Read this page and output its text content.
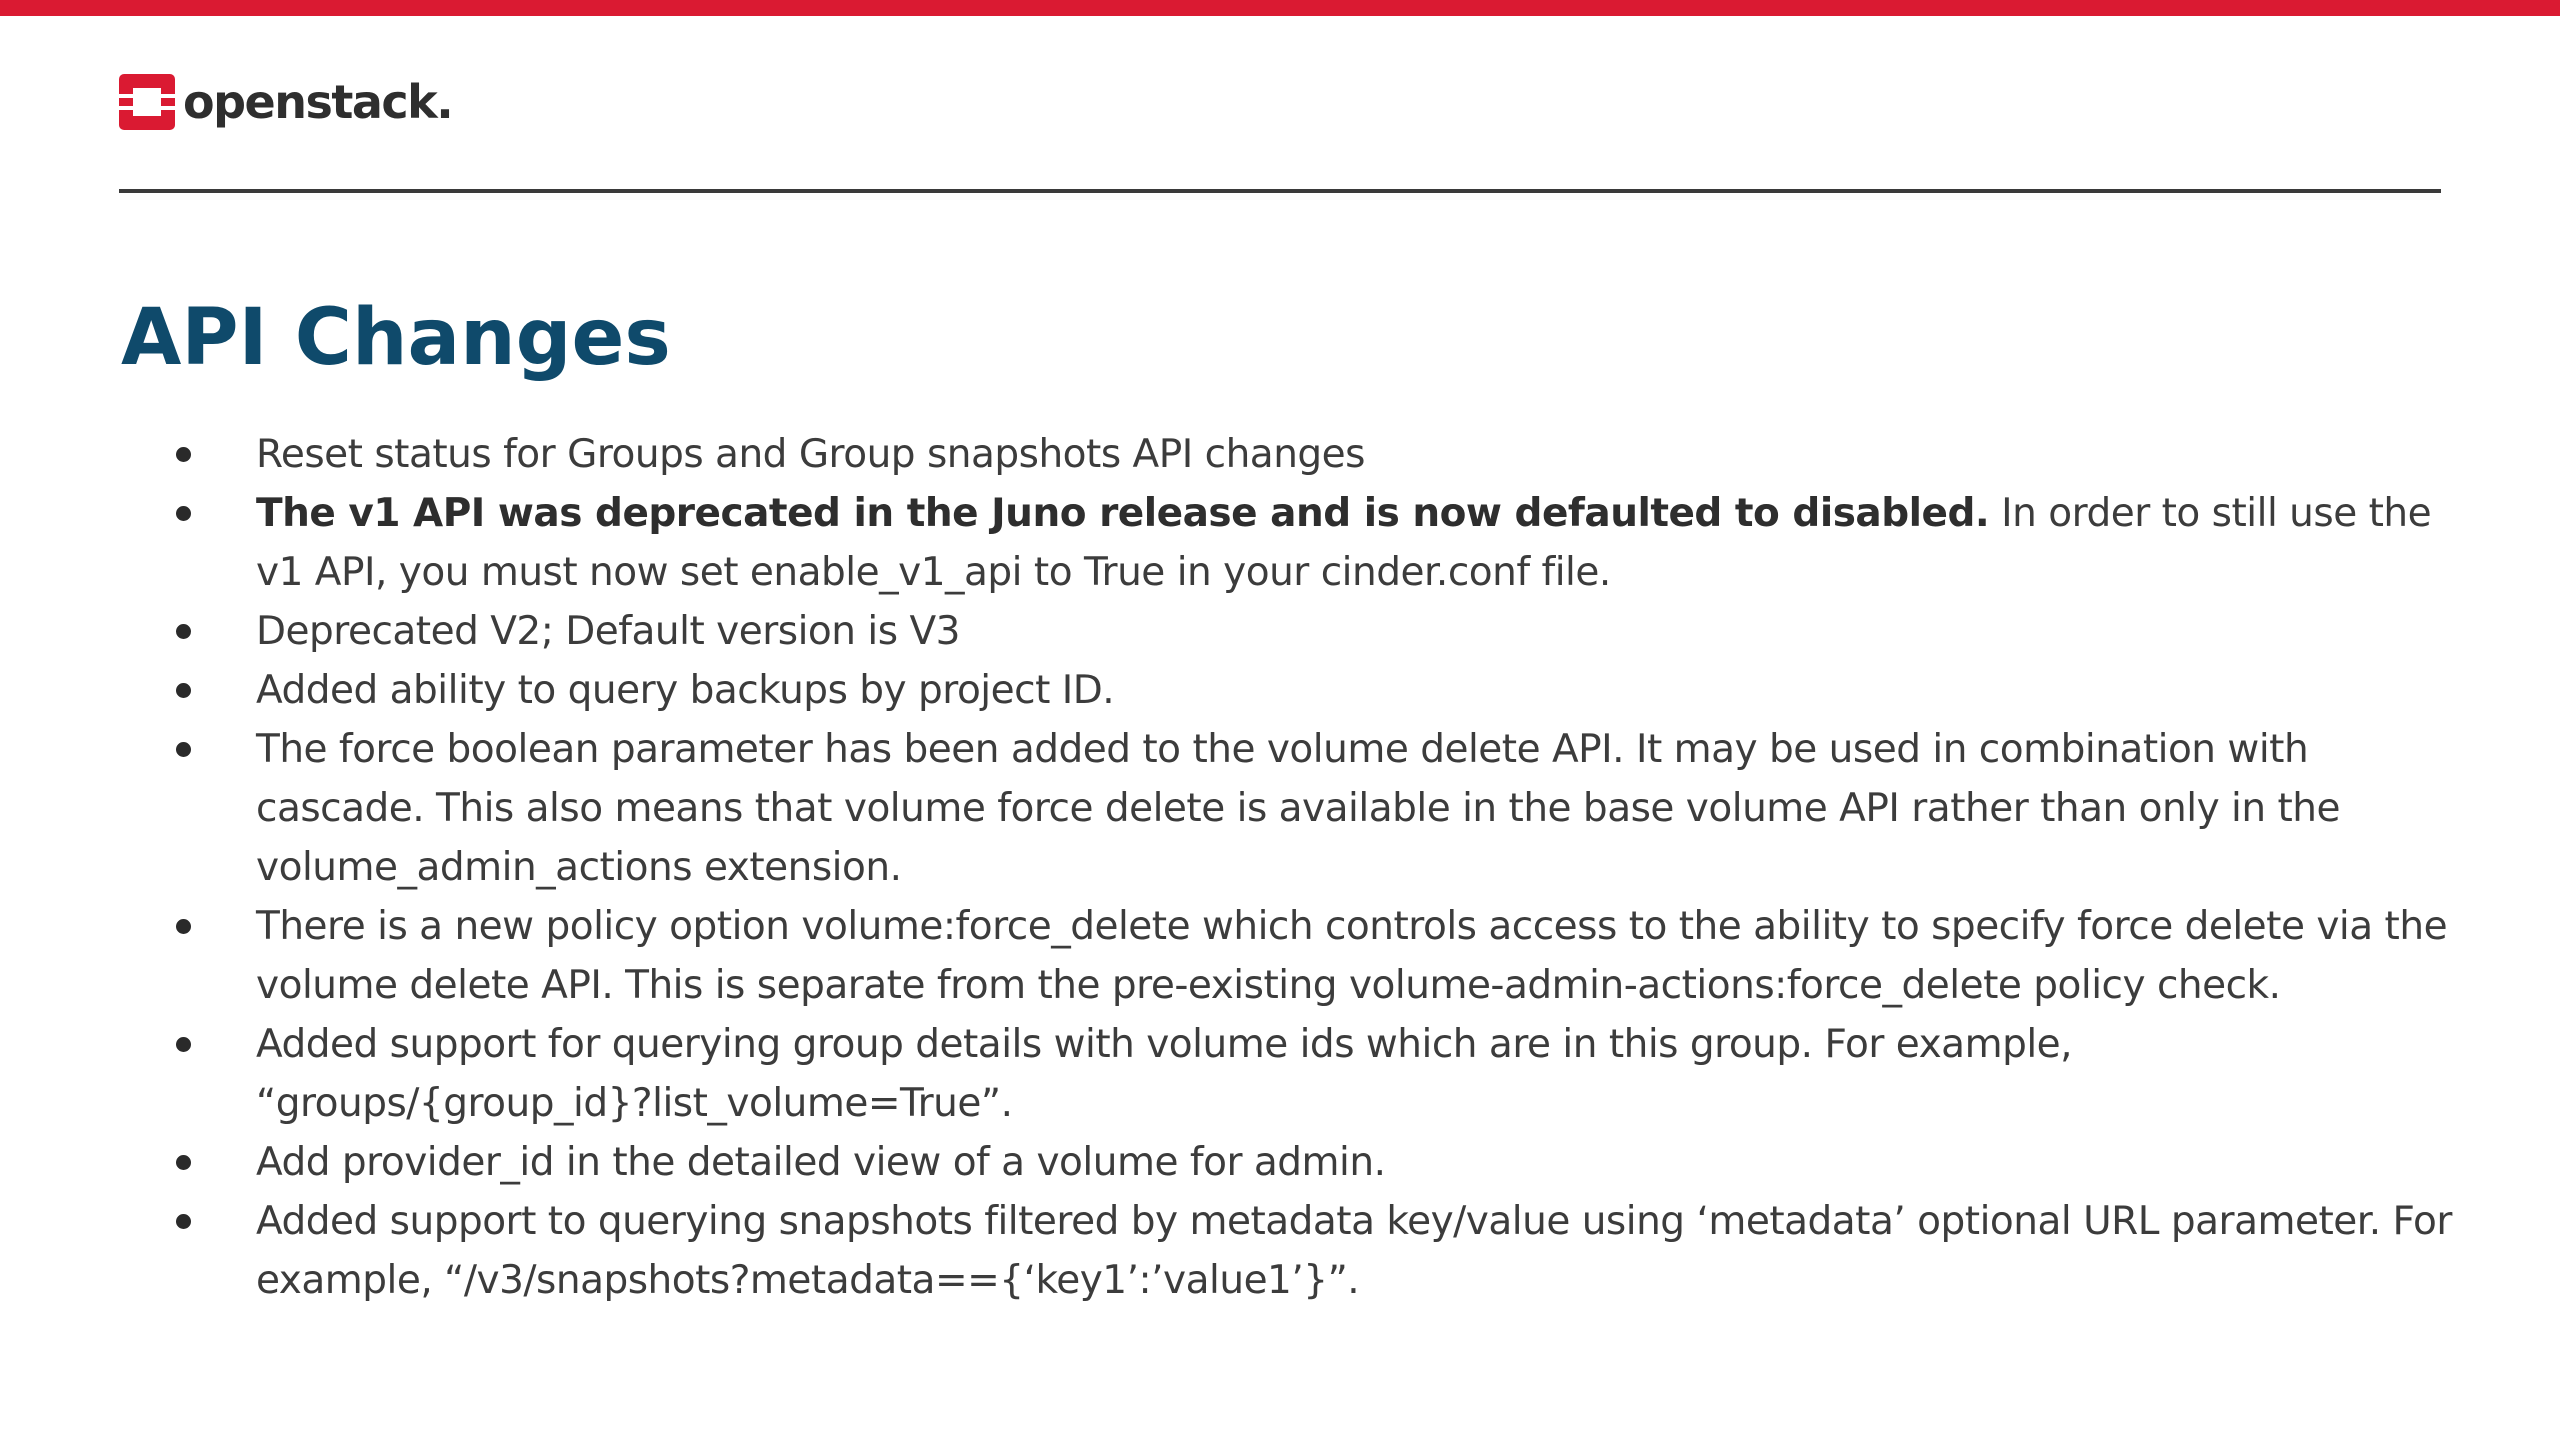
openstack.
API Changes
Reset status for Groups and Group snapshots API changes
The v1 API was deprecated in the Juno release and is now defaulted to disabled. In order to still use the v1 API, you must now set enable_v1_api to True in your cinder.conf file.
Deprecated V2; Default version is V3
Added ability to query backups by project ID.
The force boolean parameter has been added to the volume delete API. It may be used in combination with cascade. This also means that volume force delete is available in the base volume API rather than only in the volume_admin_actions extension.
There is a new policy option volume:force_delete which controls access to the ability to specify force delete via the volume delete API. This is separate from the pre-existing volume-admin-actions:force_delete policy check.
Added support for querying group details with volume ids which are in this group. For example, “groups/{group_id}?list_volume=True”.
Add provider_id in the detailed view of a volume for admin.
Added support to querying snapshots filtered by metadata key/value using ‘metadata’ optional URL parameter. For example, “/v3/snapshots?metadata=={‘key1’:’value1’}”.
